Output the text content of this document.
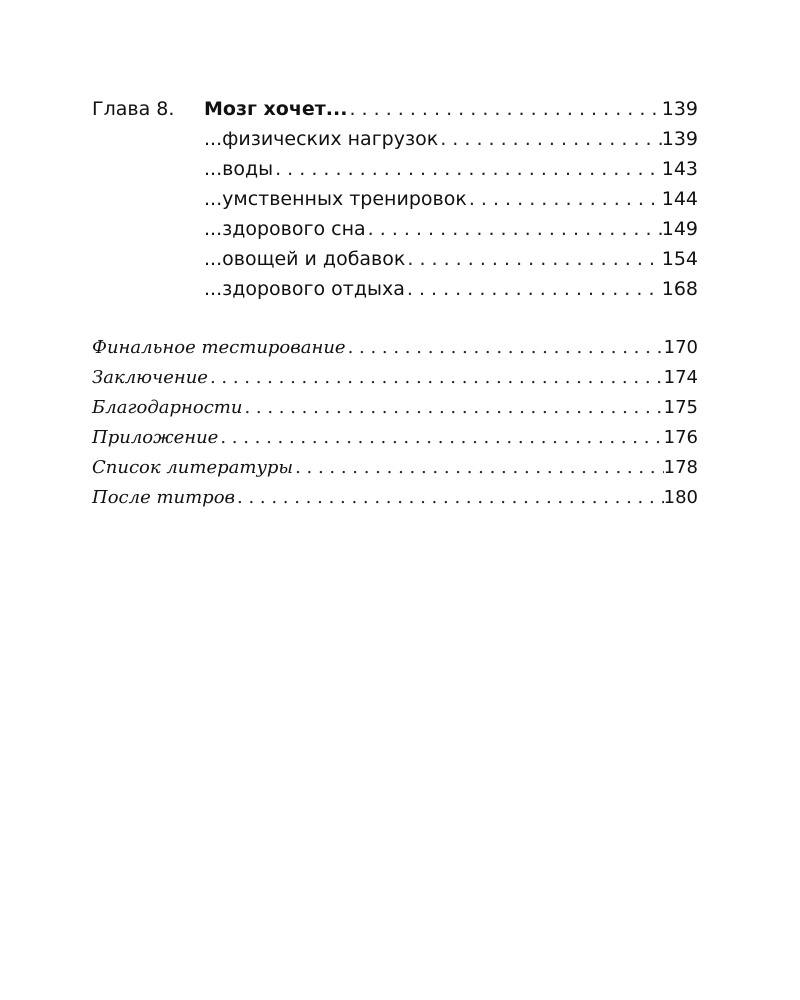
Глава 8. Мозг хочет... . . .	139
...физических нагрузок . . .	139
...воды . . .	143
...умственных тренировок . . .	144
...здорового сна . . .	149
...овощей и добавок . . .	154
...здорового отдыха . . .	168
Финальное тестирование . . .	170
Заключение . . .	174
Благодарности . . .	175
Приложение . . .	176
Список литературы . . .	178
После титров . . .	180
